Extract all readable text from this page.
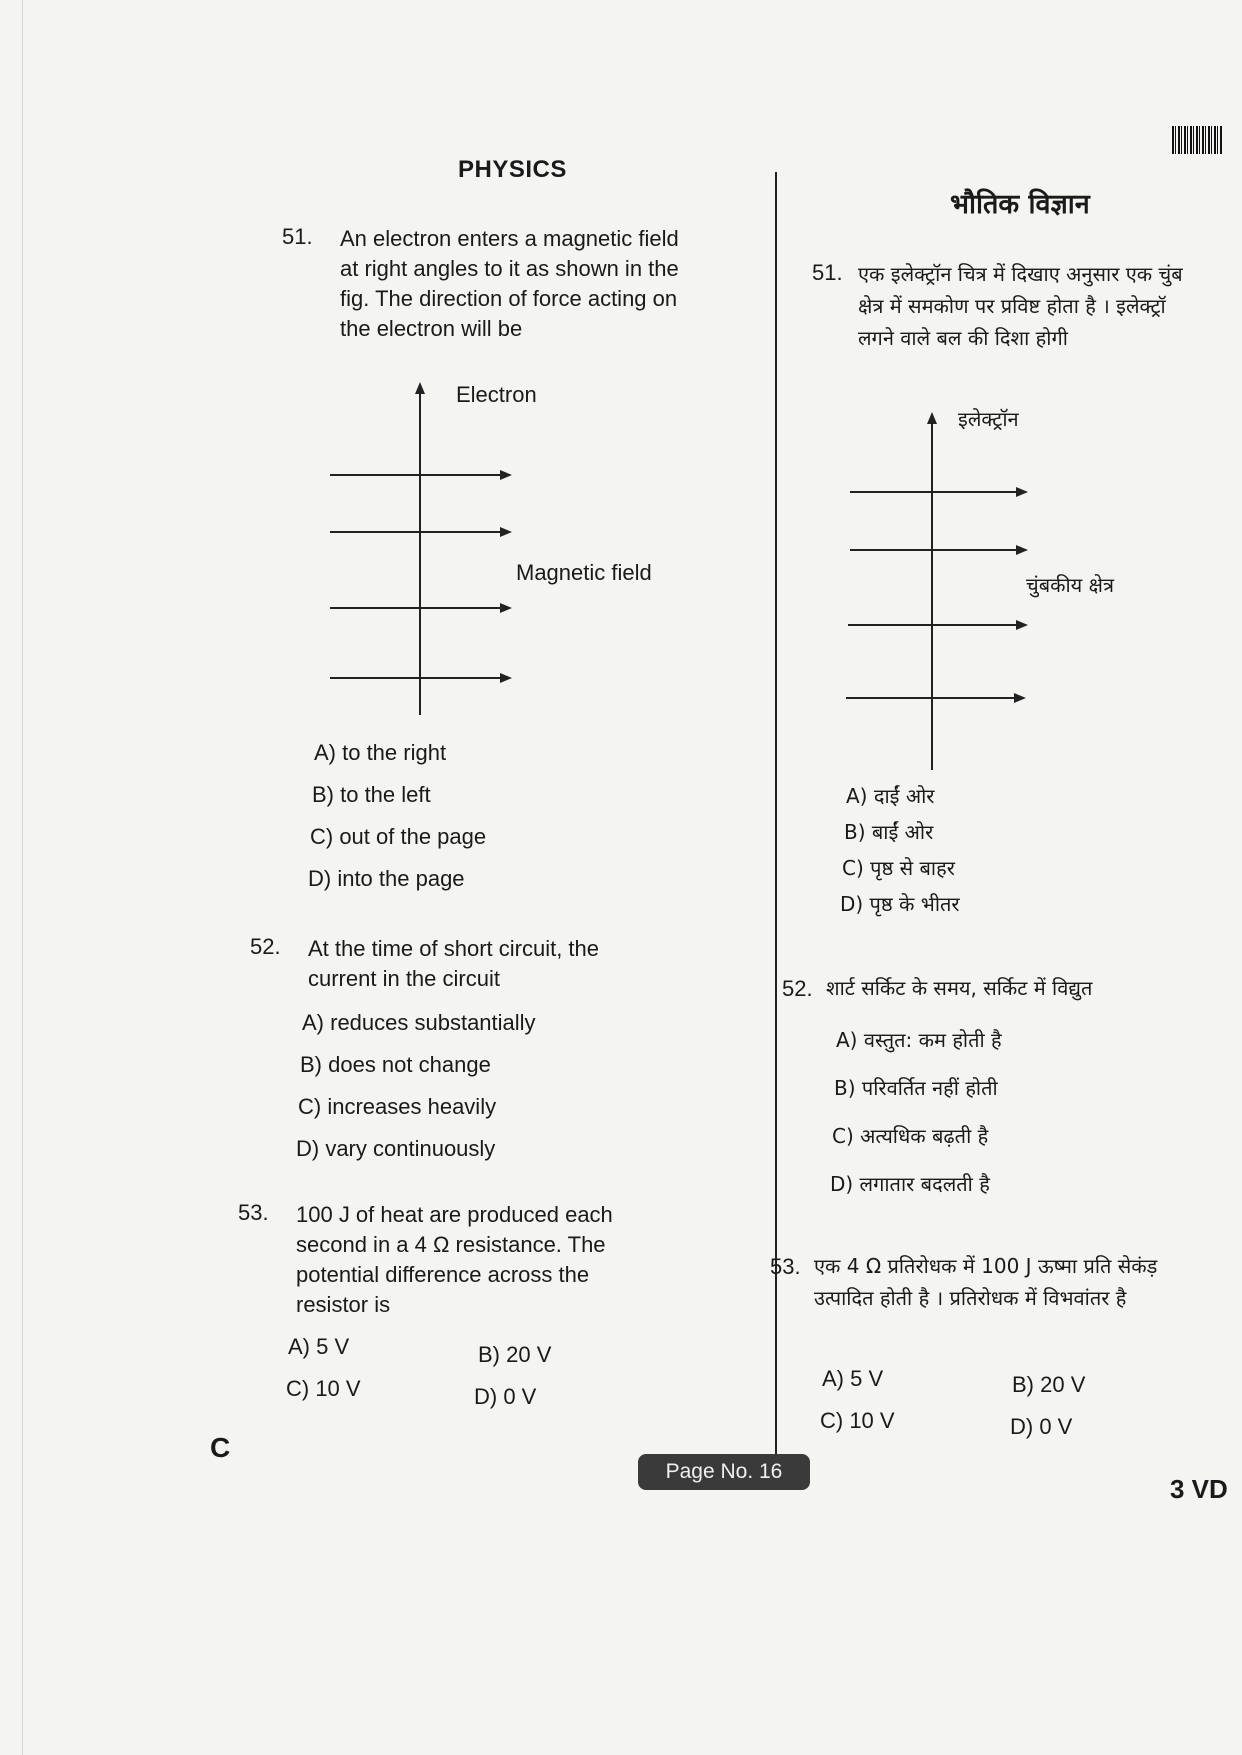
PHYSICS
51. An electron enters a magnetic field
at right angles to it as shown in the
fig. The direction of force acting on
the electron will be
Electron
Magnetic field
A) to the right
B) to the left
C) out of the page
D) into the page
52. At the time of short circuit, the
current in the circuit
A) reduces substantially
B) does not change
C) increases heavily
D) vary continuously
53. 100 J of heat are produced each
second in a 4 Ω resistance. The
potential difference across the
resistor is
A) 5 V	B) 20 V
C) 10 V	D) 0 V
C
भौतिक विज्ञान
51. एक इलेक्ट्रॉन चित्र में दिखाए अनुसार एक चुंब
क्षेत्र में समकोण पर प्रविष्ट होता है । इलेक्ट्रॉ
लगने वाले बल की दिशा होगी
इलेक्ट्रॉन
चुंबकीय क्षेत्र
A) दाईं ओर
B) बाईं ओर
C) पृष्ठ से बाहर
D) पृष्ठ के भीतर
52. शार्ट सर्किट के समय, सर्किट में विद्युत
A) वस्तुत: कम होती है
B) परिवर्तित नहीं होती
C) अत्यधिक बढ़ती है
D) लगातार बदलती है
53. एक 4 Ω प्रतिरोधक में 100 J ऊष्मा प्रति सेकंड़
उत्पादित होती है । प्रतिरोधक में विभवांतर है
A) 5 V	B) 20 V
C) 10 V	D) 0 V
3 VD
Page No. 16
